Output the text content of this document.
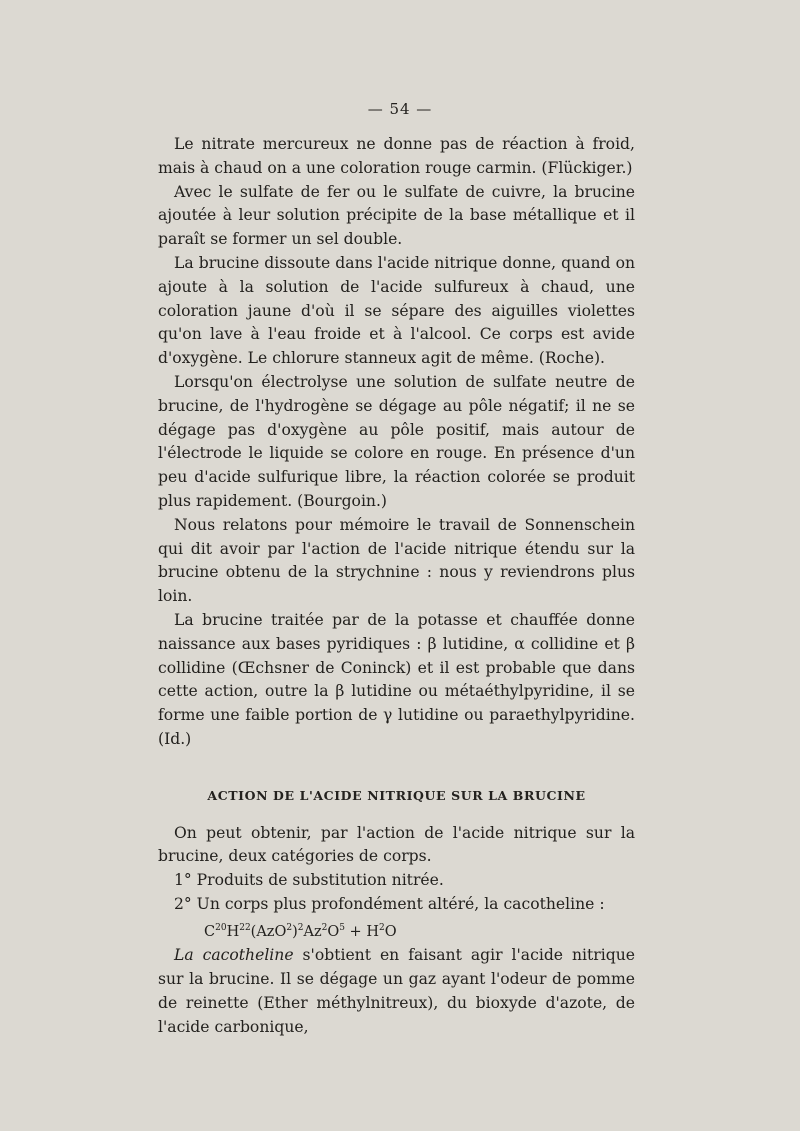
— 54 —

Le nitrate mercureux ne donne pas de réaction à froid, mais à chaud on a une coloration rouge carmin. (Flückiger.)

Avec le sulfate de fer ou le sulfate de cuivre, la brucine ajoutée à leur solution précipite de la base métallique et il paraît se former un sel double.

La brucine dissoute dans l'acide nitrique donne, quand on ajoute à la solution de l'acide sulfureux à chaud, une coloration jaune d'où il se sépare des aiguilles violettes qu'on lave à l'eau froide et à l'alcool. Ce corps est avide d'oxygène. Le chlorure stanneux agit de même. (Roche).

Lorsqu'on électrolyse une solution de sulfate neutre de brucine, de l'hydrogène se dégage au pôle négatif; il ne se dégage pas d'oxygène au pôle positif, mais autour de l'électrode le liquide se colore en rouge. En présence d'un peu d'acide sulfurique libre, la réaction colorée se produit plus rapidement. (Bourgoin.)

Nous relatons pour mémoire le travail de Sonnenschein qui dit avoir par l'action de l'acide nitrique étendu sur la brucine obtenu de la strychnine : nous y reviendrons plus loin.

La brucine traitée par de la potasse et chauffée donne naissance aux bases pyridiques : β lutidine, α collidine et β collidine (Œchsner de Coninck) et il est probable que dans cette action, outre la β lutidine ou métaéthylpyridine, il se forme une faible portion de γ lutidine ou paraethylpyridine. (Id.)

ACTION DE L'ACIDE NITRIQUE SUR LA BRUCINE

On peut obtenir, par l'action de l'acide nitrique sur la brucine, deux catégories de corps.

1° Produits de substitution nitrée.

2° Un corps plus profondément altéré, la cacotheline :

$C^{20}H^{22}(AzO^2)^2Az^2O^5 + H^2O$

La cacotheline s'obtient en faisant agir l'acide nitrique sur la brucine. Il se dégage un gaz ayant l'odeur de pomme de reinette (Ether méthylnitreux), du bioxyde d'azote, de l'acide carbonique,
